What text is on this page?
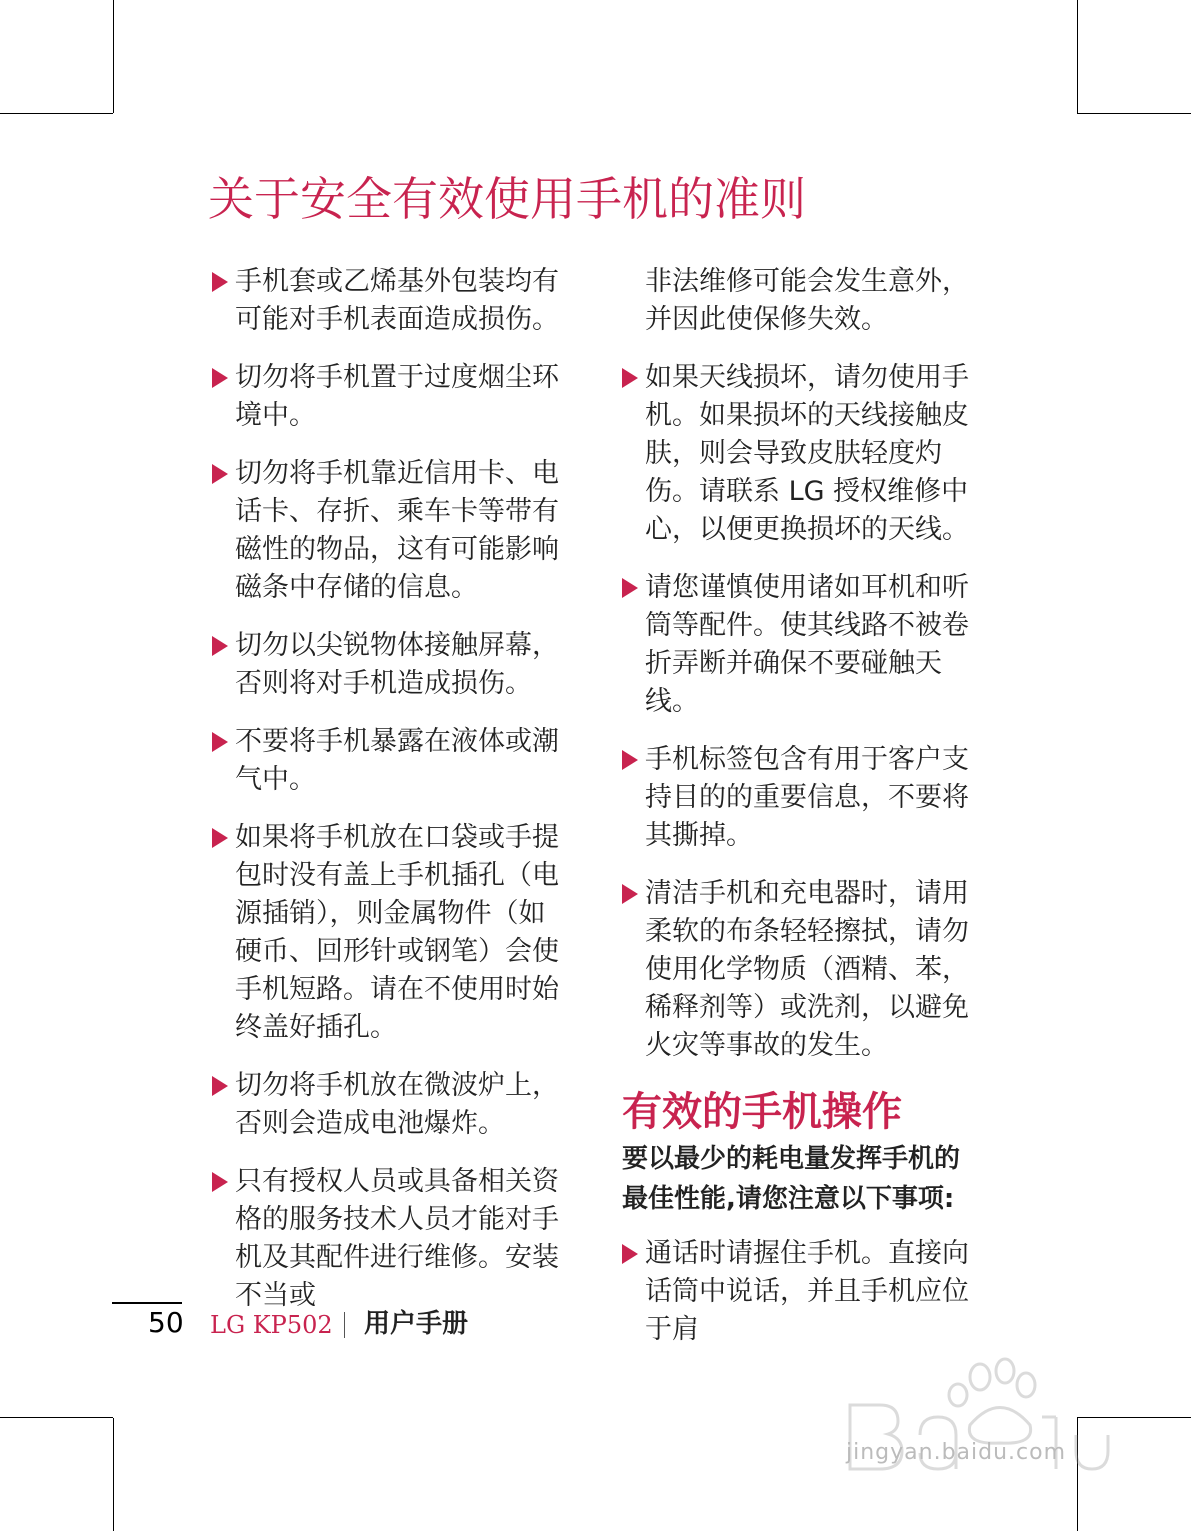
关于安全有效使用手机的准则
手机套或乙烯基外包装均有可能对手机表面造成损伤。
切勿将手机置于过度烟尘环境中。
切勿将手机靠近信用卡、电话卡、存折、乘车卡等带有磁性的物品，这有可能影响磁条中存储的信息。
切勿以尖锐物体接触屏幕，否则将对手机造成损伤。
不要将手机暴露在液体或潮气中。
如果将手机放在口袋或手提包时没有盖上手机插孔（电源插销），则金属物件（如硬币、回形针或钢笔）会使手机短路。请在不使用时始终盖好插孔。
切勿将手机放在微波炉上，否则会造成电池爆炸。
只有授权人员或具备相关资格的服务技术人员才能对手机及其配件进行维修。安装不当或
非法维修可能会发生意外，并因此使保修失效。
如果天线损坏，请勿使用手机。如果损坏的天线接触皮肤，则会导致皮肤轻度灼伤。请联系 LG 授权维修中心，以便更换损坏的天线。
请您谨慎使用诸如耳机和听筒等配件。使其线路不被卷折弄断并确保不要碰触天线。
手机标签包含有用于客户支持目的的重要信息，不要将其撕掉。
清洁手机和充电器时，请用柔软的布条轻轻擦拭，请勿使用化学物质（酒精、苯，稀释剂等）或洗剂，以避免火灾等事故的发生。
有效的手机操作
要以最少的耗电量发挥手机的最佳性能,请您注意以下事项:
通话时请握住手机。直接向话筒中说话，并且手机应位于肩
50 LG KP502 用户手册
jingyan.baidu.com
